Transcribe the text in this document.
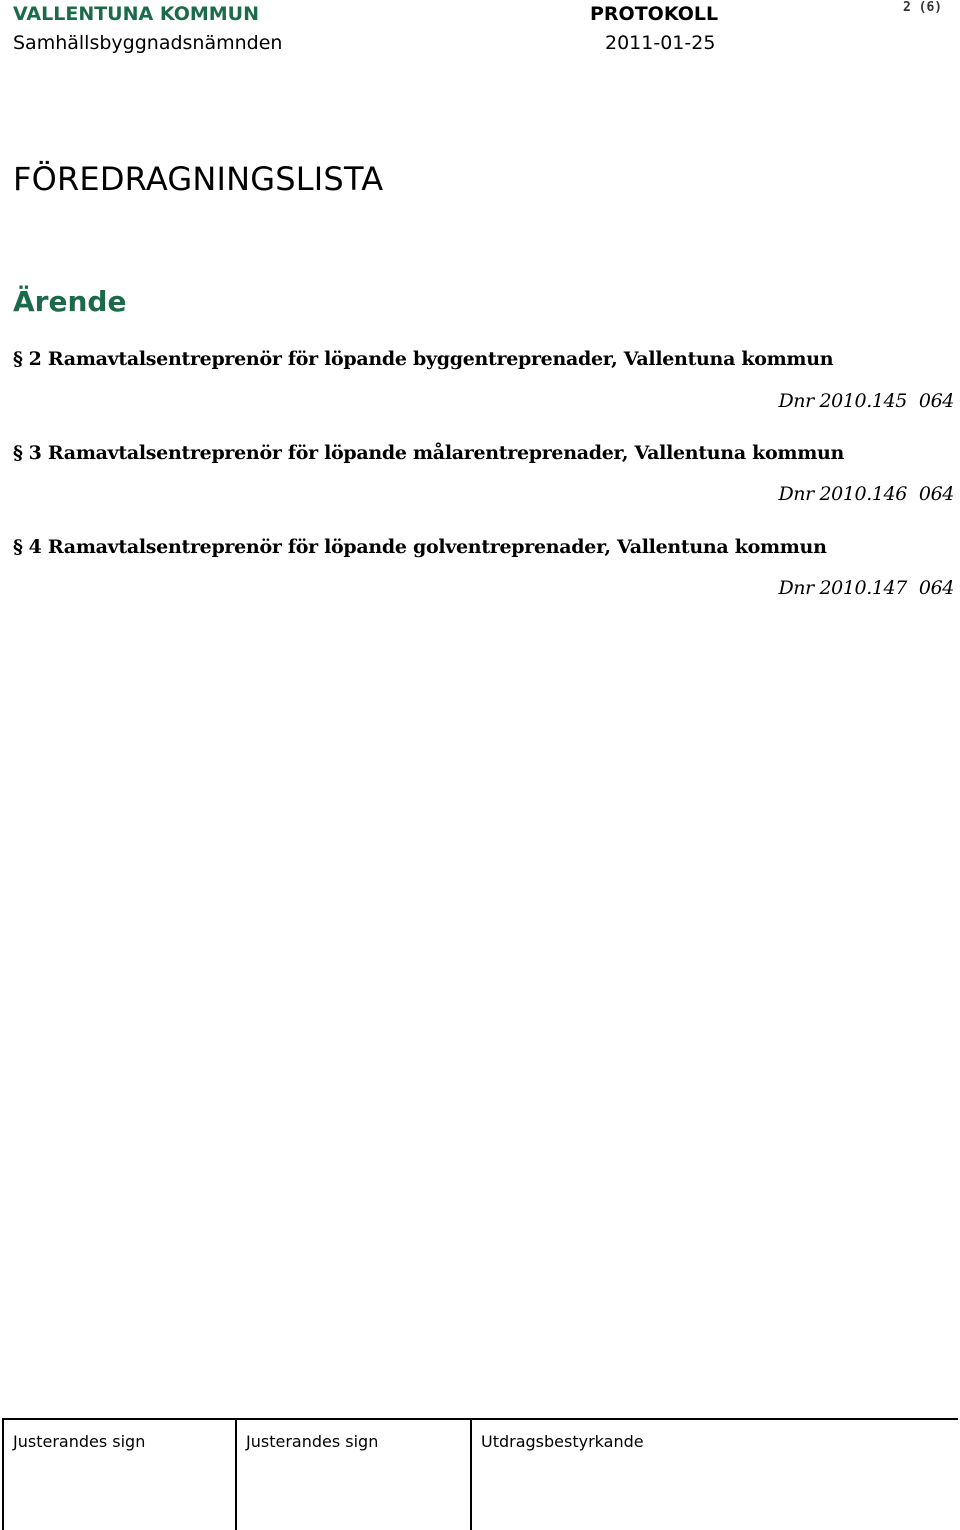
VALLENTUNA KOMMUN
Samhällsbyggnadsnämnden
PROTOKOLL
2011-01-25
2 (6)
FÖREDRAGNINGSLISTA
Ärende
§ 2 Ramavtalsentreprenör för löpande byggentreprenader, Vallentuna kommun
Dnr 2010.145 064
§ 3 Ramavtalsentreprenör för löpande målarentreprenader, Vallentuna kommun
Dnr 2010.146 064
§ 4 Ramavtalsentreprenör för löpande golventreprenader, Vallentuna kommun
Dnr 2010.147 064
Justerandes sign	Justerandes sign	Utdragsbestyrkande
